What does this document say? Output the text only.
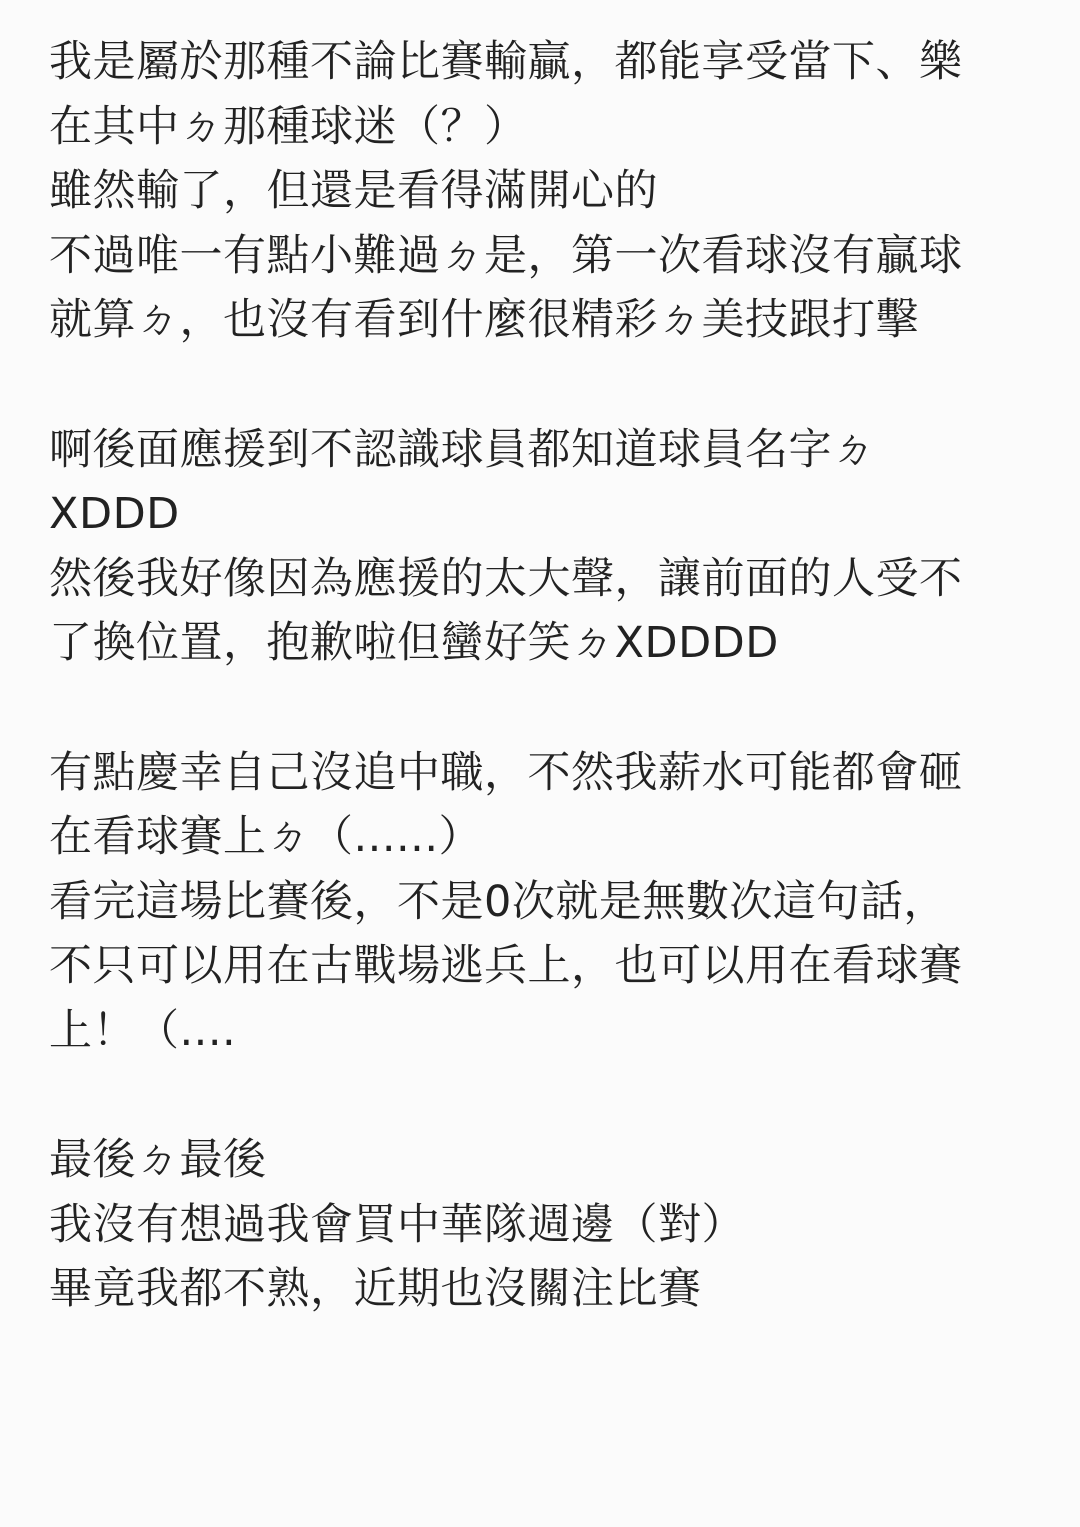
我是屬於那種不論比賽輸贏，都能享受當下、樂
在其中ㄉ那種球迷（？）
雖然輸了，但還是看得滿開心的
不過唯一有點小難過ㄉ是，第一次看球沒有贏球
就算ㄉ，也沒有看到什麼很精彩ㄉ美技跟打擊
啊後面應援到不認識球員都知道球員名字ㄉ
XDDD
然後我好像因為應援的太大聲，讓前面的人受不
了換位置，抱歉啦但蠻好笑ㄉXDDDD
有點慶幸自己沒追中職，不然我薪水可能都會砸
在看球賽上ㄉ（......）
看完這場比賽後，不是0次就是無數次這句話，
不只可以用在古戰場逃兵上，也可以用在看球賽
上！（....
最後ㄉ最後
我沒有想過我會買中華隊週邊（對）
畢竟我都不熟，近期也沒關注比賽
